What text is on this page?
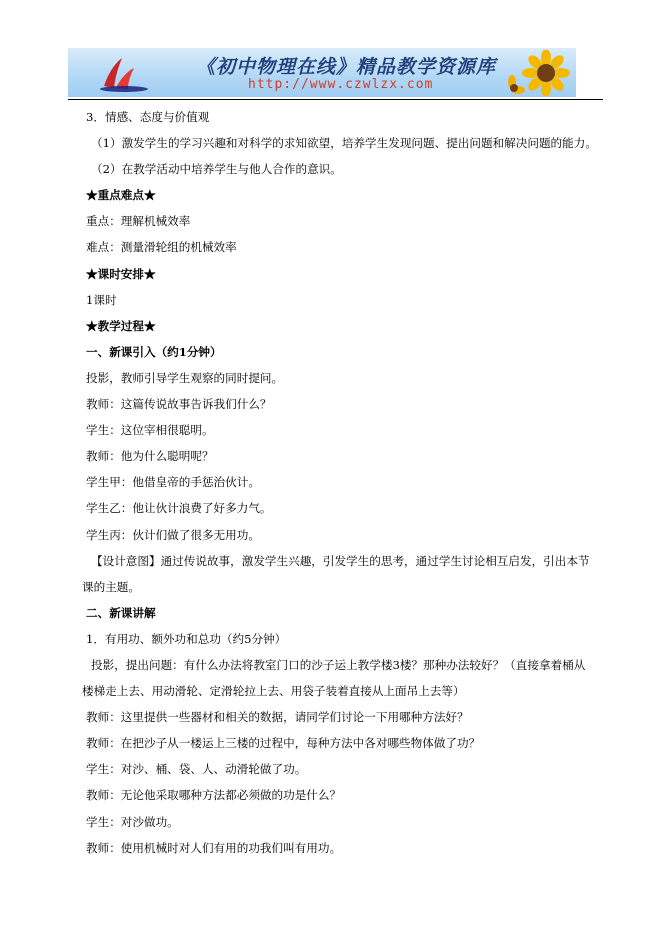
《初中物理在线》精品教学资源库
http://www.czwlzx.com
3．情感、态度与价值观
（1）激发学生的学习兴趣和对科学的求知欲望，培养学生发现问题、提出问题和解决问题的能力。
（2）在教学活动中培养学生与他人合作的意识。
★重点难点★
重点：理解机械效率
难点：测量滑轮组的机械效率
★课时安排★
1课时
★教学过程★
一、新课引入（约1分钟）
投影，教师引导学生观察的同时提问。
教师：这篇传说故事告诉我们什么？
学生：这位宰相很聪明。
教师：他为什么聪明呢？
学生甲：他借皇帝的手惩治伙计。
学生乙：他让伙计浪费了好多力气。
学生丙：伙计们做了很多无用功。
【设计意图】通过传说故事，激发学生兴趣，引发学生的思考，通过学生讨论相互启发，引出本节课的主题。
二、新课讲解
1．有用功、额外功和总功（约5分钟）
投影，提出问题：有什么办法将教室门口的沙子运上教学楼3楼？那种办法较好？（直接拿着桶从楼梯走上去、用动滑轮、定滑轮拉上去、用袋子装着直接从上面吊上去等）
教师：这里提供一些器材和相关的数据，请同学们讨论一下用哪种方法好？
教师：在把沙子从一楼运上三楼的过程中，每种方法中各对哪些物体做了功？
学生：对沙、桶、袋、人、动滑轮做了功。
教师：无论他采取哪种方法都必须做的功是什么？
学生：对沙做功。
教师：使用机械时对人们有用的功我们叫有用功。
